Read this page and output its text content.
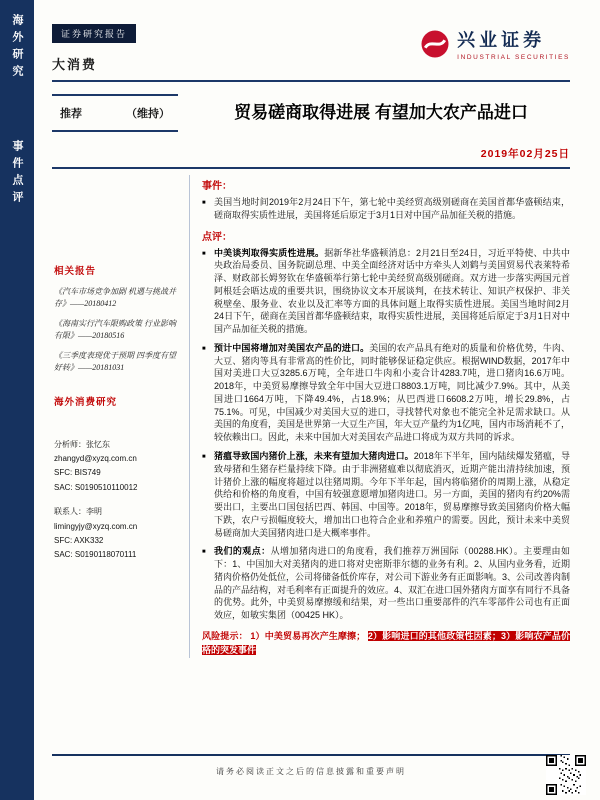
海外研究
事件点评
证券研究报告
大消费
兴业证券
INDUSTRIAL SECURITIES
推荐	（维持）	贸易磋商取得进展 有望加大农产品进口
2019年02月25日
相关报告

《汽车市场竞争加剧 机遇与挑战并存》——20180412

《海南实行汽车限购政策 行业影响有限》——20180516

《三季度表现优于预期 四季度有望好转》——20181031

海外消费研究
分析师：张忆东
zhangyd@xyzq.com.cn
SFC: BIS749
SAC: S0190510110012
联系人：李明
limingyjy@xyzq.com.cn
SFC: AXK332
SAC: S0190118070111
事件：
■ 美国当地时间2019年2月24日下午，第七轮中美经贸高级别磋商在美国首都华盛顿结束，磋商取得实质性进展，美国将延后原定于3月1日对中国产品加征关税的措施。

点评：
■ 中美谈判取得实质性进展。据新华社华盛顿消息：2月21日至24日，习近平特使、中共中央政治局委员、国务院副总理、中美全面经济对话中方牵头人刘鹤与美国贸易代表莱特希泽、财政部长姆努钦在华盛顿举行第七轮中美经贸高级别磋商。双方进一步落实两国元首阿根廷会晤达成的重要共识，围绕协议文本开展谈判，在技术转让、知识产权保护、非关税壁垒、服务业、农业以及汇率等方面的具体问题上取得实质性进展。美国当地时间2月24日下午，磋商在美国首都华盛顿结束，取得实质性进展，美国将延后原定于3月1日对中国产品加征关税的措施。

■ 预计中国将增加对美国农产品的进口。美国的农产品具有绝对的质量和价格优势，牛肉、大豆、猪肉等具有非常高的性价比，同时能够保证稳定供应。根据WIND数据，2017年中国对美进口大豆3285.6万吨，全年进口牛肉和小麦合计4283.7吨，进口猪肉16.6万吨。2018年，中美贸易摩擦导致全年中国大豆进口8803.1万吨，同比减少7.9%。其中，从美国进口1664万吨，下降49.4%，占18.9%；从巴西进口6608.2万吨，增长29.8%，占75.1%。可见，中国减少对美国大豆的进口，寻找替代对象也不能完全补足需求缺口。从美国的角度看，美国是世界第一大豆生产国，年大豆产量约为1亿吨，国内市场消耗不了，较依赖出口。因此，未来中国加大对美国农产品进口将成为双方共同的诉求。

■ 猪瘟导致国内猪价上涨，未来有望加大猪肉进口。2018年下半年，国内陆续爆发猪瘟，导致母猪和生猪存栏量持续下降。由于非洲猪瘟难以彻底消灭，近期产能出清持续加速，预计猪价上涨的幅度将超过以往猪周期。今年下半年起，国内将临猪价的周期上涨，从稳定供给和价格的角度看，中国有较强意愿增加猪肉进口。另一方面，美国的猪肉有约20%需要出口，主要出口国包括巴西、韩国、中国等。2018年，贸易摩擦导致美国猪肉价格大幅下跌，农户亏损幅度较大，增加出口也符合企业和养殖户的需要。因此，预计未来中美贸易磋商加大美国猪肉进口是大概率事件。

■ 我们的观点：从增加猪肉进口的角度看，我们推荐万洲国际（00288.HK）。主要理由如下：1、中国加大对美猪肉的进口将对史密斯菲尔德的业务有利。2、从国内业务看，近期猪肉价格仍处低位，公司将储备低价库存，对公司下游业务有正面影响。3、公司改善肉制品的产品结构，对毛利率有正面提升的效应。4、双汇在进口国外猪肉方面享有同行不具备的优势。此外，中美贸易摩擦缓和结果，对一些出口重要部件的汽车零部件公司也有正面效应，如敏实集团（00425 HK）。

风险提示： 1）中美贸易再次产生摩擦； 2）影响进口的其他政策性因素；3）影响农产品价格的突发事件
请务必阅读正文之后的信息披露和重要声明
